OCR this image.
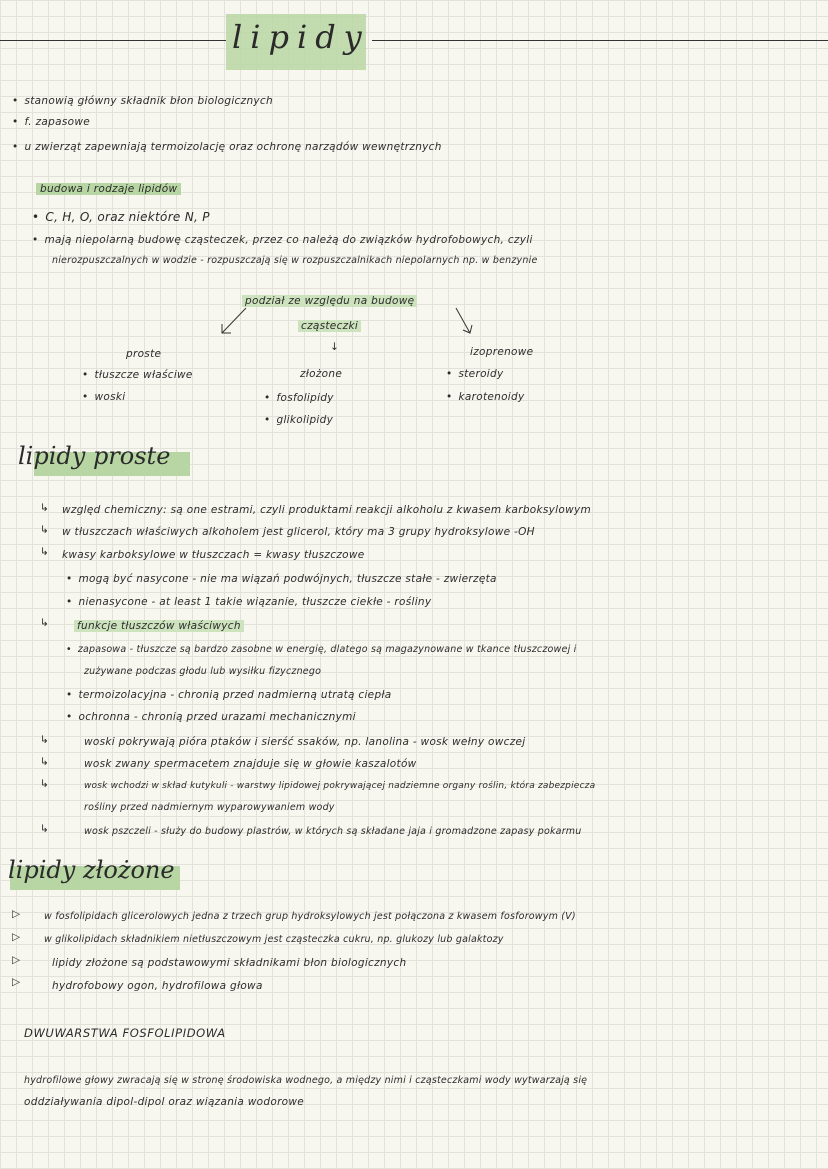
lipidy
• stanowią główny składnik błon biologicznych
• f. zapasowe
• u zwierząt zapewniają termoizolację oraz ochronę narządów wewnętrznych
budowa i rodzaje lipidów
• C, H, O, oraz niektóre N, P
• mają niepolarną budowę cząsteczek, przez co należą do związków hydrofobowych, czyli
nierozpuszczalnych w wodzie - rozpuszczają się w rozpuszczalnikach niepolarnych np. w benzynie
podział ze względu na budowę
cząsteczki
↓
proste
• tłuszcze właściwe
• woski
złożone
• fosfolipidy
• glikolipidy
izoprenowe
• steroidy
• karotenoidy
lipidy proste
↳ względ chemiczny: są one estrami, czyli produktami reakcji alkoholu z kwasem karboksylowym
↳ w tłuszczach właściwych alkoholem jest glicerol, który ma 3 grupy hydroksylowe -OH
↳ kwasy karboksylowe w tłuszczach = kwasy tłuszczowe
• mogą być nasycone - nie ma wiązań podwójnych, tłuszcze stałe - zwierzęta
• nienasycone - at least 1 takie wiązanie, tłuszcze ciekłe - rośliny
↳	funkcje tłuszczów właściwych
• zapasowa - tłuszcze są bardzo zasobne w energię, dlatego są magazynowane w tkance tłuszczowej i
zużywane podczas głodu lub wysiłku fizycznego
• termoizolacyjna - chronią przed nadmierną utratą ciepła
• ochronna - chronią przed urazami mechanicznymi
↳	woski pokrywają pióra ptaków i sierść ssaków, np. lanolina - wosk wełny owczej
↳	wosk zwany spermacetem znajduje się w głowie kaszalotów
↳	wosk wchodzi w skład kutykuli - warstwy lipidowej pokrywającej nadziemne organy roślin, która zabezpiecza
rośliny przed nadmiernym wyparowywaniem wody
↳	wosk pszczeli - służy do budowy plastrów, w których są składane jaja i gromadzone zapasy pokarmu
lipidy złożone
▷ w fosfolipidach glicerolowych jedna z trzech grup hydroksylowych jest połączona z kwasem fosforowym (V)
▷ w glikolipidach składnikiem nietłuszczowym jest cząsteczka cukru, np. glukozy lub galaktozy
▷	lipidy złożone są podstawowymi składnikami błon biologicznych
▷	hydrofobowy ogon, hydrofilowa głowa
DWUWARSTWA FOSFOLIPIDOWA
hydrofilowe głowy zwracają się w stronę środowiska wodnego, a między nimi i cząsteczkami wody wytwarzają się
oddziaływania dipol-dipol oraz wiązania wodorowe
